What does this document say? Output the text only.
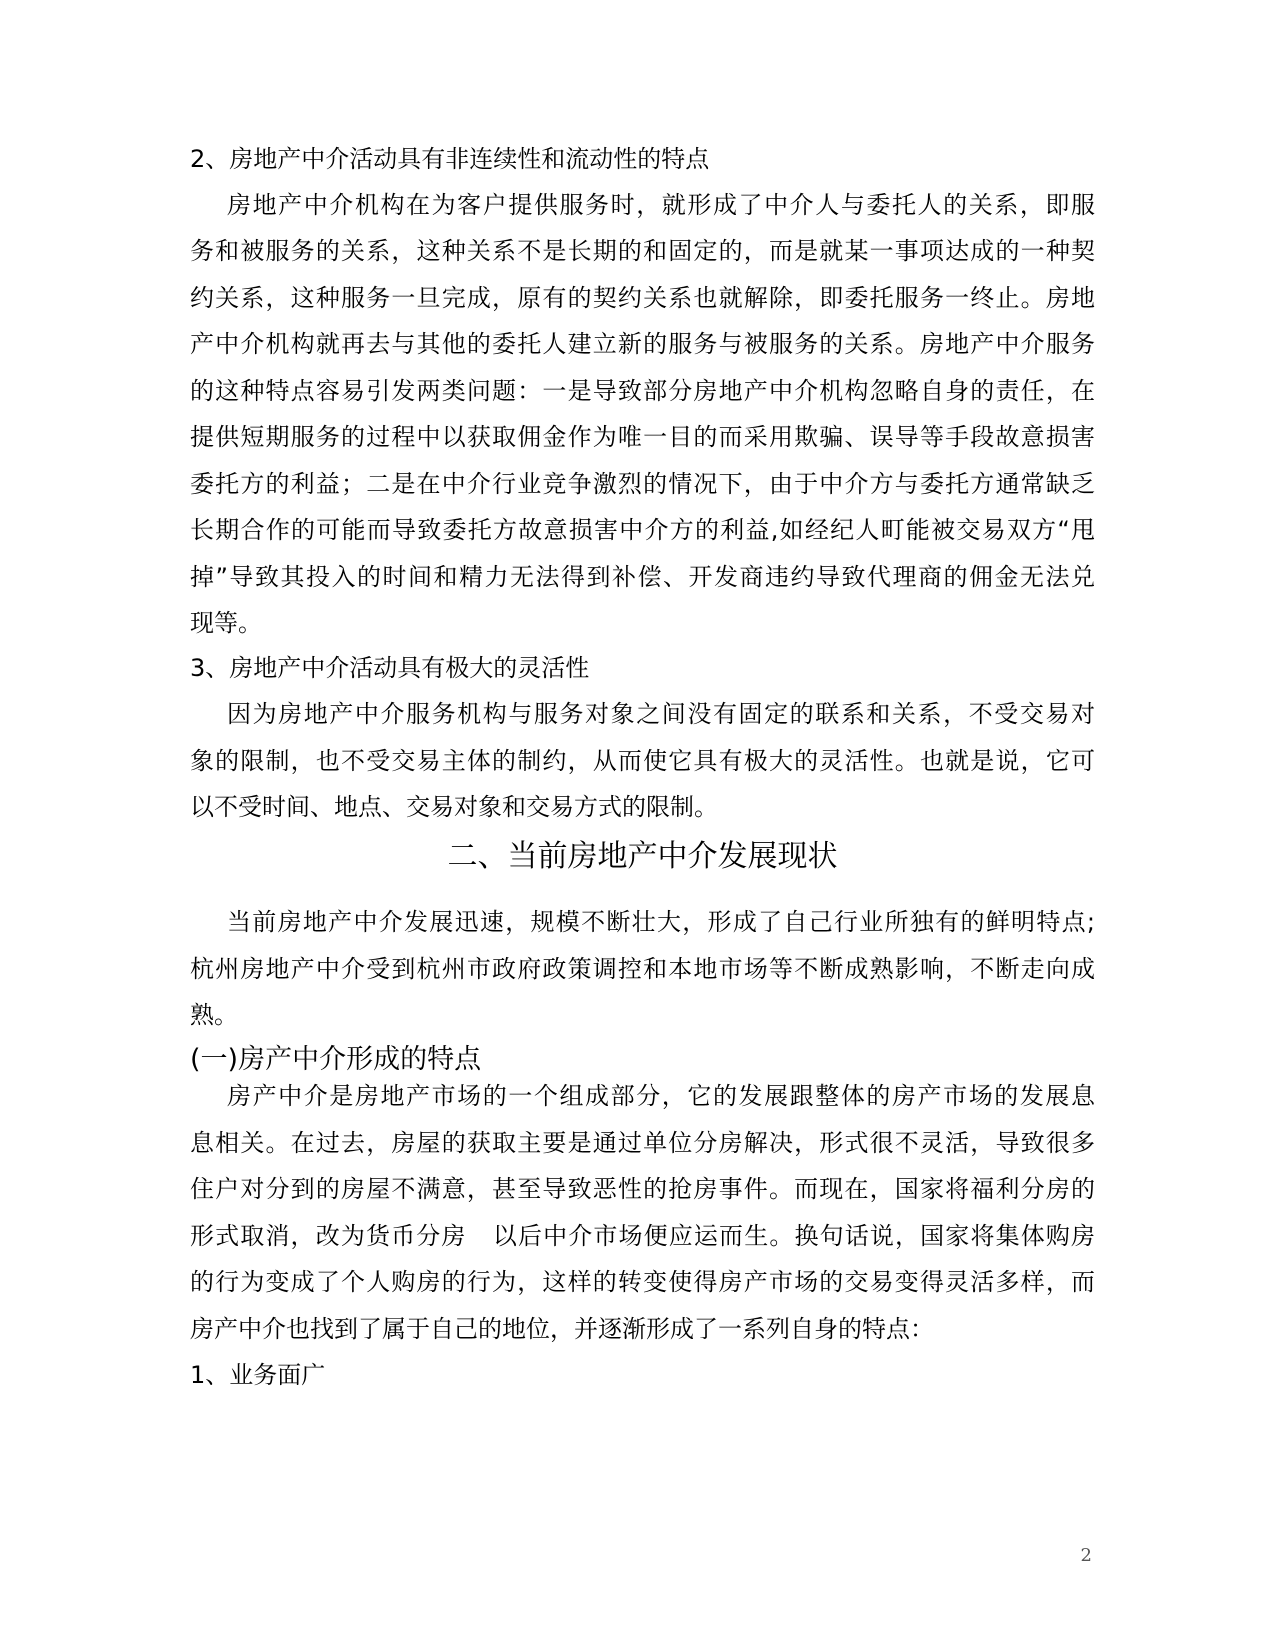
2、房地产中介活动具有非连续性和流动性的特点
房地产中介机构在为客户提供服务时，就形成了中介人与委托人的关系，即服
务和被服务的关系，这种关系不是长期的和固定的，而是就某一事项达成的一种契
约关系，这种服务一旦完成，原有的契约关系也就解除，即委托服务一终止。房地
产中介机构就再去与其他的委托人建立新的服务与被服务的关系。房地产中介服务
的这种特点容易引发两类问题：一是导致部分房地产中介机构忽略自身的责任，在
提供短期服务的过程中以获取佣金作为唯一目的而采用欺骗、误导等手段故意损害
委托方的利益；二是在中介行业竞争激烈的情况下，由于中介方与委托方通常缺乏
长期合作的可能而导致委托方故意损害中介方的利益,如经纪人町能被交易双方“甩
掉”导致其投入的时间和精力无法得到补偿、开发商违约导致代理商的佣金无法兑
现等。
3、房地产中介活动具有极大的灵活性
因为房地产中介服务机构与服务对象之间没有固定的联系和关系，不受交易对
象的限制，也不受交易主体的制约，从而使它具有极大的灵活性。也就是说，它可
以不受时间、地点、交易对象和交易方式的限制。
二、当前房地产中介发展现状
当前房地产中介发展迅速，规模不断壮大，形成了自己行业所独有的鲜明特点;
杭州房地产中介受到杭州市政府政策调控和本地市场等不断成熟影响，不断走向成
熟。
(一)房产中介形成的特点
房产中介是房地产市场的一个组成部分，它的发展跟整体的房产市场的发展息
息相关。在过去，房屋的获取主要是通过单位分房解决，形式很不灵活，导致很多
住户对分到的房屋不满意，甚至导致恶性的抢房事件。而现在，国家将福利分房的
形式取消，改为货币分房   以后中介市场便应运而生。换句话说，国家将集体购房
的行为变成了个人购房的行为，这样的转变使得房产市场的交易变得灵活多样，而
房产中介也找到了属于自己的地位，并逐渐形成了一系列自身的特点：
1、业务面广
2
